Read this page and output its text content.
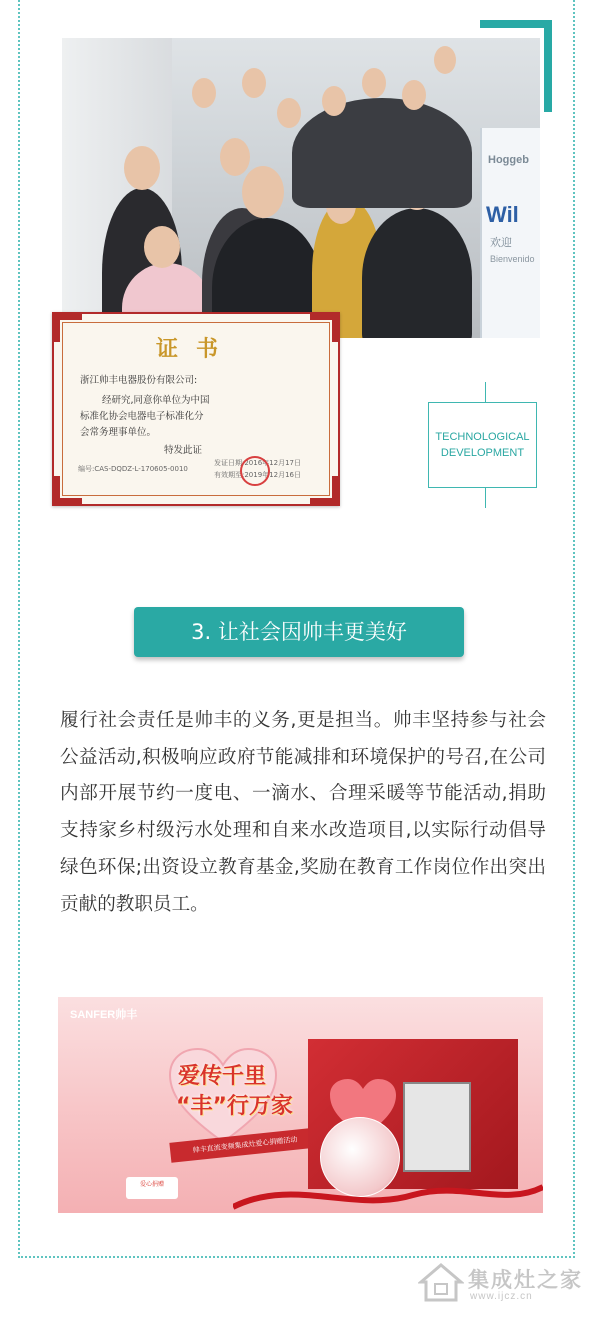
Hoggeb
Wil
欢迎
Bienvenido
证书
浙江帅丰电器股份有限公司:
经研究,同意你单位为中国
标准化协会电器电子标准化分
会常务理事单位。
特发此证
编号:CAS-DQDZ-L-170605-0010
发证日期:2016年12月17日
有效期至:2019年12月16日
TECHNOLOGICAL
DEVELOPMENT
3. 让社会因帅丰更美好

履行社会责任是帅丰的义务,更是担当。帅丰坚持参与社会公益活动,积极响应政府节能减排和环境保护的号召,在公司内部开展节约一度电、一滴水、合理采暖等节能活动,捐助支持家乡村级污水处理和自来水改造项目,以实际行动倡导绿色环保;出资设立教育基金,奖励在教育工作岗位作出突出贡献的教职员工。

SANFER帅丰
爱传千里
“丰”行万家
帅丰直流变频集成灶爱心捐赠活动
爱心捐赠
集成灶之家
www.ijcz.cn
